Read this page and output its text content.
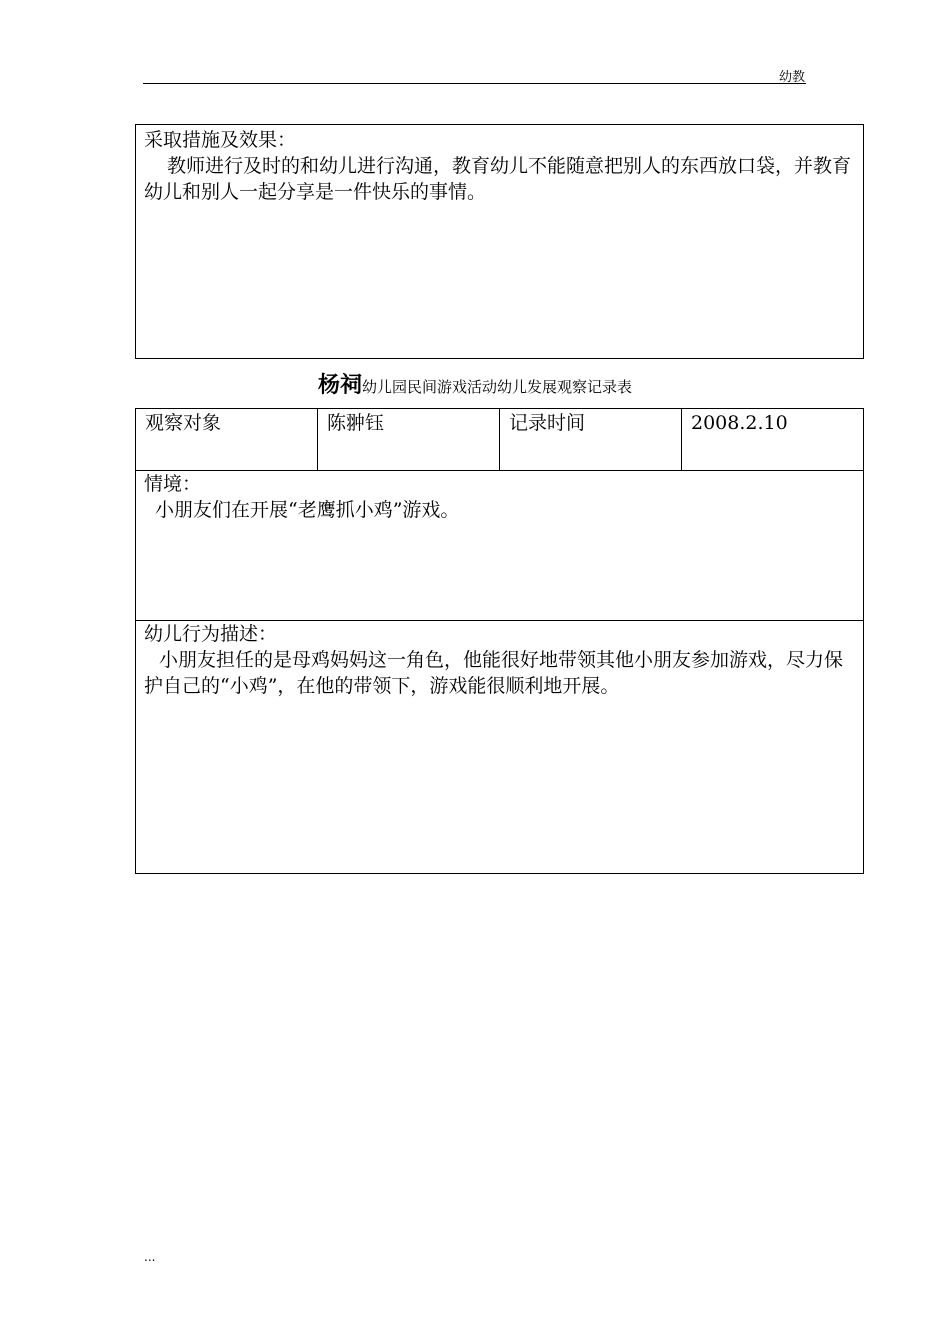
幼教
采取措施及效果：
教师进行及时的和幼儿进行沟通，教育幼儿不能随意把别人的东西放口袋，并教育幼儿和别人一起分享是一件快乐的事情。
杨祠幼儿园民间游戏活动幼儿发展观察记录表
观察对象	陈翀钰	记录时间	2008.2.10
情境：
小朋友们在开展“老鹰抓小鸡”游戏。
幼儿行为描述：
小朋友担任的是母鸡妈妈这一角色，他能很好地带领其他小朋友参加游戏，尽力保护自己的“小鸡”，在他的带领下，游戏能很顺利地开展。
...
